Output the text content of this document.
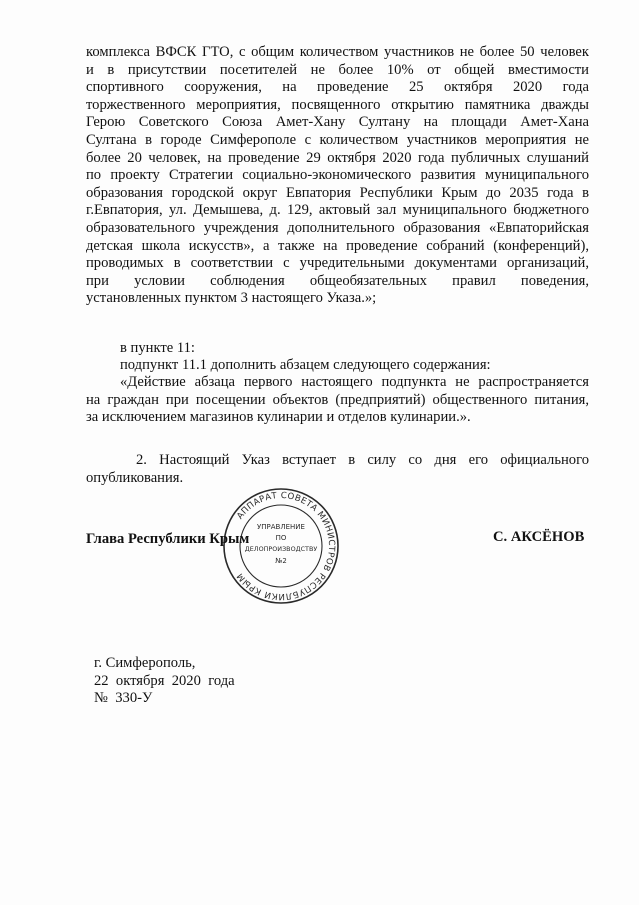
комплекса ВФСК ГТО, с общим количеством участников не более 50 человек
и в присутствии посетителей не более 10% от общей вместимости
спортивного сооружения, на проведение 25 октября 2020 года
торжественного мероприятия, посвященного открытию памятника дважды
Герою Советского Союза Амет-Хану Султану на площади Амет-Хана
Султана в городе Симферополе с количеством участников мероприятия не
более 20 человек, на проведение 29 октября 2020 года публичных слушаний
по проекту Стратегии социально-экономического развития муниципального
образования городской округ Евпатория Республики Крым до 2035 года в
г.Евпатория, ул. Демышева, д. 129, актовый зал муниципального бюджетного
образовательного учреждения дополнительного образования «Евпаторийская
детская школа искусств», а также на проведение собраний (конференций),
проводимых в соответствии с учредительными документами организаций,
при условии соблюдения общеобязательных правил поведения,
установленных пунктом 3 настоящего Указа.»;
в пункте 11:
подпункт 11.1 дополнить абзацем следующего содержания:
«Действие абзаца первого настоящего подпункта не распространяется
на граждан при посещении объектов (предприятий) общественного питания,
за исключением магазинов кулинарии и отделов кулинарии.».
2. Настоящий Указ вступает в силу со дня его официального
опубликования.
АППАРАТ СОВЕТА МИНИСТРОВ РЕСПУБЛИКИ КРЫМ
УПРАВЛЕНИЕ
ПО
ДЕЛОПРОИЗВОДСТВУ
№2
Глава Республики Крым	С. АКСЁНОВ
г. Симферополь,
22  октября  2020  года
№  330-У
